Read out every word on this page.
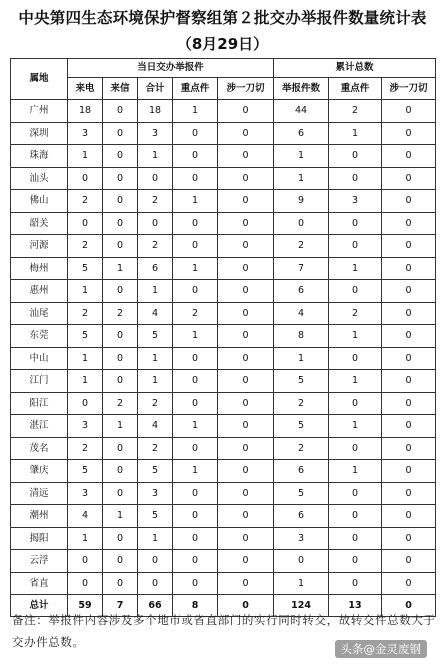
中央第四生态环境保护督察组第２批交办举报件数量统计表
（8月29日）
属地	当日交办举报件					累计总数		
	来电	来信	合计	重点件	涉一刀切	举报件数	重点件	涉一刀切
广州	18	0	18	1	0	44	2	0
深圳	3	0	3	0	0	6	1	0
珠海	1	0	1	0	0	1	0	0
汕头	0	0	0	0	0	1	0	0
佛山	2	0	2	1	0	9	3	0
韶关	0	0	0	0	0	0	0	0
河源	2	0	2	0	0	2	0	0
梅州	5	1	6	1	0	7	1	0
惠州	1	0	1	0	0	6	0	0
汕尾	2	2	4	2	0	4	2	0
东莞	5	0	5	1	0	8	1	0
中山	1	0	1	0	0	1	0	0
江门	1	0	1	0	0	5	1	0
阳江	0	2	2	0	0	2	0	0
湛江	3	1	4	1	0	5	1	0
茂名	2	0	2	0	0	2	0	0
肇庆	5	0	5	1	0	6	1	0
清远	3	0	3	0	0	5	0	0
潮州	4	1	5	0	0	6	0	0
揭阳	1	0	1	0	0	3	0	0
云浮	0	0	0	0	0	0	0	0
省直	0	0	0	0	0	1	0	0
总计	59	7	66	8	0	124	13	0
备注：举报件内容涉及多个地市或省直部门的实行同时转交，故转交件总数大于交办件总数。	头条@金灵废钢
